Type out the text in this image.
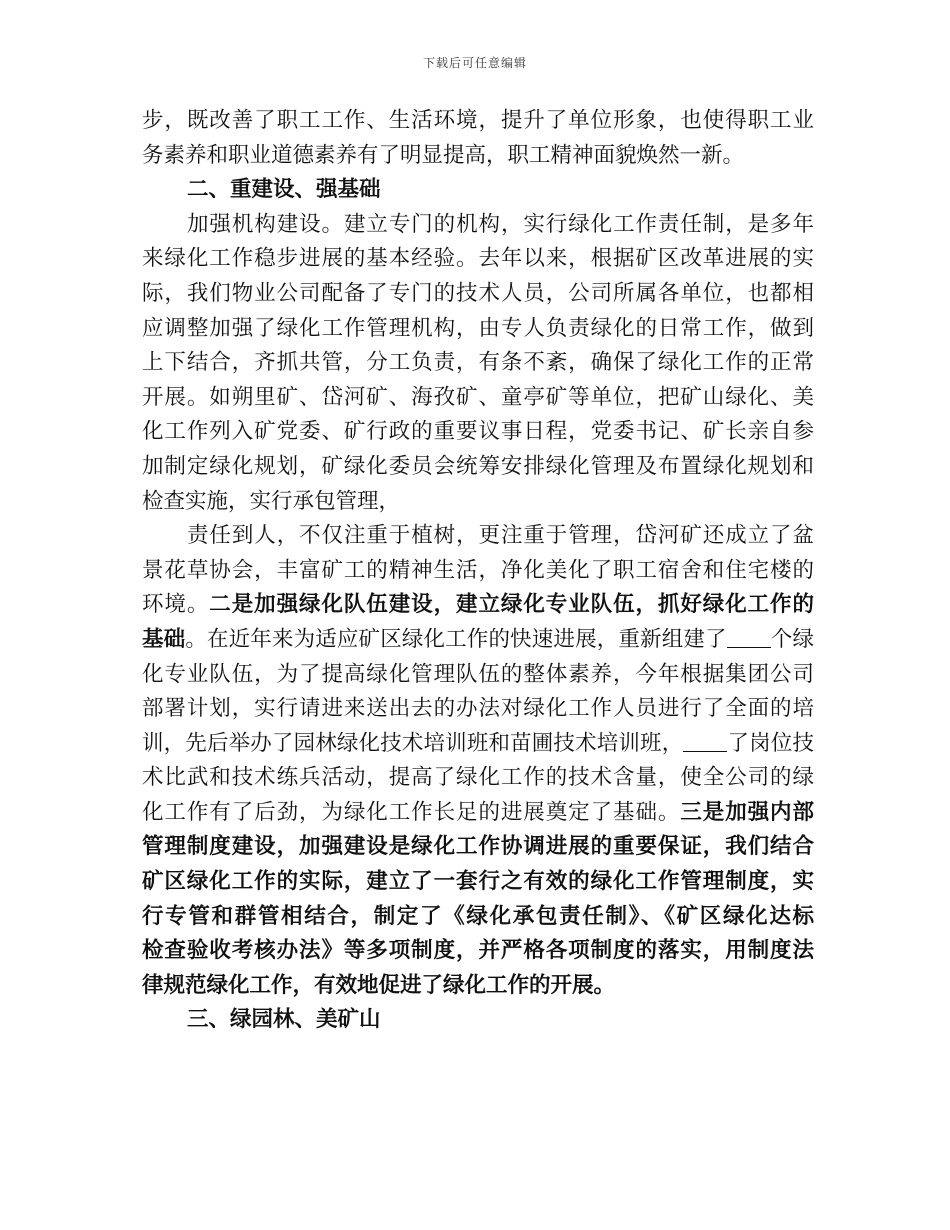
下载后可任意编辑
步，既改善了职工工作、生活环境，提升了单位形象，也使得职工业
务素养和职业道德素养有了明显提高，职工精神面貌焕然一新。
二、重建设、强基础
加强机构建设。建立专门的机构，实行绿化工作责任制，是多年
来绿化工作稳步进展的基本经验。去年以来，根据矿区改革进展的实
际，我们物业公司配备了专门的技术人员，公司所属各单位，也都相
应调整加强了绿化工作管理机构，由专人负责绿化的日常工作，做到
上下结合，齐抓共管，分工负责，有条不紊，确保了绿化工作的正常
开展。如朔里矿、岱河矿、海孜矿、童亭矿等单位，把矿山绿化、美
化工作列入矿党委、矿行政的重要议事日程，党委书记、矿长亲自参
加制定绿化规划，矿绿化委员会统筹安排绿化管理及布置绿化规划和
检查实施，实行承包管理，
责任到人，不仅注重于植树，更注重于管理，岱河矿还成立了盆
景花草协会，丰富矿工的精神生活，净化美化了职工宿舍和住宅楼的
环境。二是加强绿化队伍建设，建立绿化专业队伍，抓好绿化工作的
基础。在近年来为适应矿区绿化工作的快速进展，重新组建了 个绿
化专业队伍，为了提高绿化管理队伍的整体素养，今年根据集团公司
部署计划，实行请进来送出去的办法对绿化工作人员进行了全面的培
训，先后举办了园林绿化技术培训班和苗圃技术培训班， 了岗位技
术比武和技术练兵活动，提高了绿化工作的技术含量，使全公司的绿
化工作有了后劲，为绿化工作长足的进展奠定了基础。三是加强内部
管理制度建设，加强建设是绿化工作协调进展的重要保证，我们结合
矿区绿化工作的实际，建立了一套行之有效的绿化工作管理制度，实
行专管和群管相结合，制定了《绿化承包责任制》、《矿区绿化达标
检查验收考核办法》等多项制度，并严格各项制度的落实，用制度法
律规范绿化工作，有效地促进了绿化工作的开展。
三、绿园林、美矿山
